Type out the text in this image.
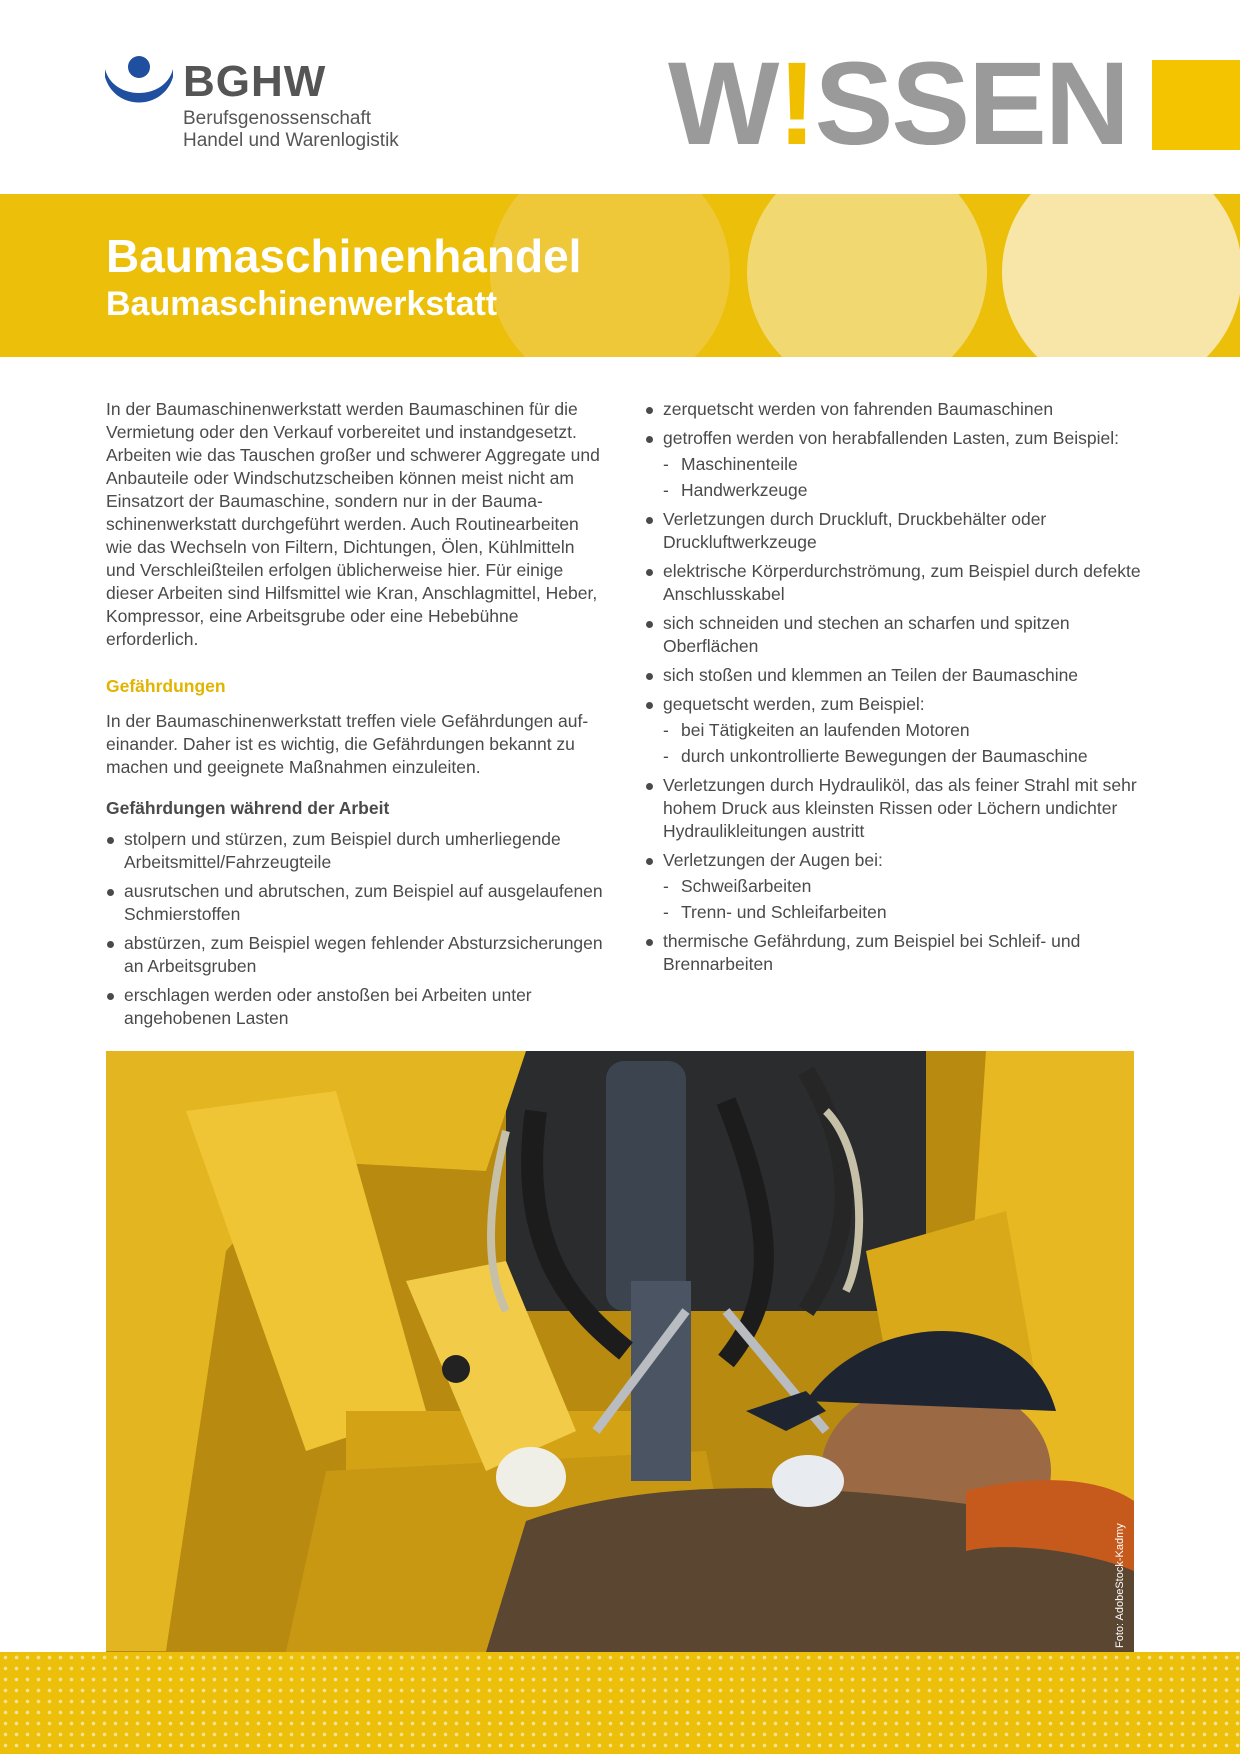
BGHW
Berufsgenossenschaft
Handel und Warenlogistik	W!SSEN
Baumaschinenhandel
Baumaschinenwerkstatt

In der Baumaschinenwerkstatt werden Baumaschinen für die Vermietung oder den Verkauf vorbereitet und instandgesetzt. Arbeiten wie das Tauschen großer und schwerer Aggregate und Anbauteile oder Windschutzscheiben können meist nicht am Einsatzort der Baumaschine, sondern nur in der Baumaschinenwerkstatt durchgeführt werden. Auch Routinearbeiten wie das Wechseln von Filtern, Dichtungen, Ölen, Kühlmitteln und Verschleißteilen erfolgen üblicherweise hier. Für einige dieser Arbeiten sind Hilfsmittel wie Kran, Anschlagmittel, Heber, Kompressor, eine Arbeitsgrube oder eine Hebebühne erforderlich.

Gefährdungen

In der Baumaschinenwerkstatt treffen viele Gefährdungen aufeinander. Daher ist es wichtig, die Gefährdungen bekannt zu machen und geeignete Maßnahmen einzuleiten.

Gefährdungen während der Arbeit

stolpern und stürzen, zum Beispiel durch umherliegende Arbeitsmittel/Fahrzeugteile
ausrutschen und abrutschen, zum Beispiel auf ausgelaufenen Schmierstoffen
abstürzen, zum Beispiel wegen fehlender Absturzsicherungen an Arbeitsgruben
erschlagen werden oder anstoßen bei Arbeiten unter angehobenen Lasten
zerquetscht werden von fahrenden Baumaschinen
getroffen werden von herabfallenden Lasten, zum Beispiel:
- Maschinenteile
- Handwerkzeuge
Verletzungen durch Druckluft, Druckbehälter oder Druckluftwerkzeuge
elektrische Körperdurchströmung, zum Beispiel durch defekte Anschlusskabel
sich schneiden und stechen an scharfen und spitzen Oberflächen
sich stoßen und klemmen an Teilen der Baumaschine
gequetscht werden, zum Beispiel:
- bei Tätigkeiten an laufenden Motoren
- durch unkontrollierte Bewegungen der Baumaschine
Verletzungen durch Hydrauliköl, das als feiner Strahl mit sehr hohem Druck aus kleinsten Rissen oder Löchern undichter Hydraulikleitungen austritt
Verletzungen der Augen bei:
- Schweißarbeiten
- Trenn- und Schleifarbeiten
thermische Gefährdung, zum Beispiel bei Schleif- und Brennarbeiten
Foto: AdobeStock-Kadmy
